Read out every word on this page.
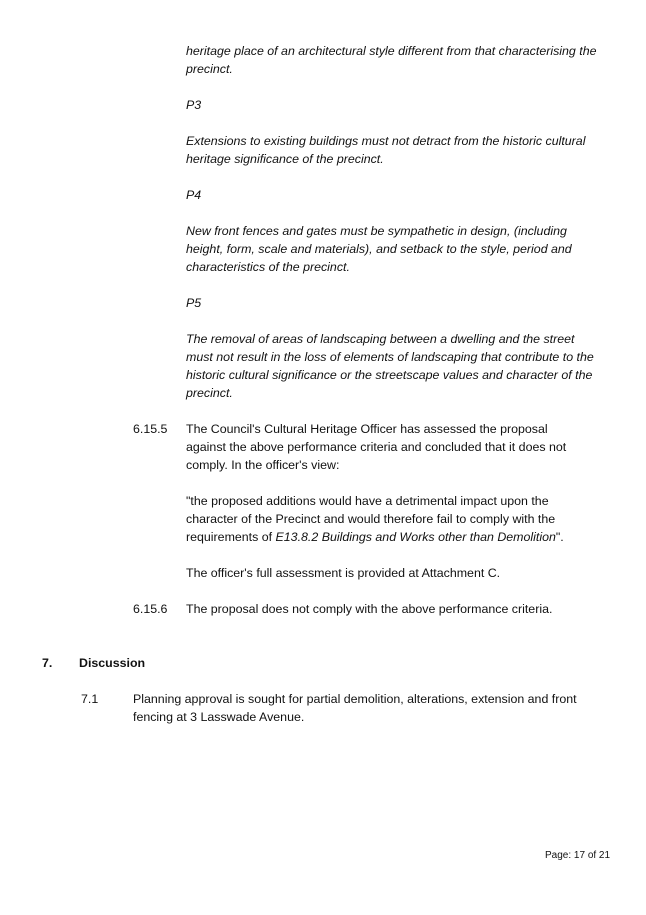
heritage place of an architectural style different from that characterising the precinct.

P3

Extensions to existing buildings must not detract from the historic cultural heritage significance of the precinct.

P4

New front fences and gates must be sympathetic in design, (including height, form, scale and materials), and setback to the style, period and characteristics of the precinct.

P5

The removal of areas of landscaping between a dwelling and the street must not result in the loss of elements of landscaping that contribute to the historic cultural significance or the streetscape values and character of the precinct.

6.15.5 The Council's Cultural Heritage Officer has assessed the proposal against the above performance criteria and concluded that it does not comply. In the officer's view:

"the proposed additions would have a detrimental impact upon the character of the Precinct and would therefore fail to comply with the requirements of E13.8.2 Buildings and Works other than Demolition".

The officer's full assessment is provided at Attachment C.

6.15.6 The proposal does not comply with the above performance criteria.

7. Discussion
7.1	Planning approval is sought for partial demolition, alterations, extension and front fencing at 3 Lasswade Avenue.

Page: 17 of 21
